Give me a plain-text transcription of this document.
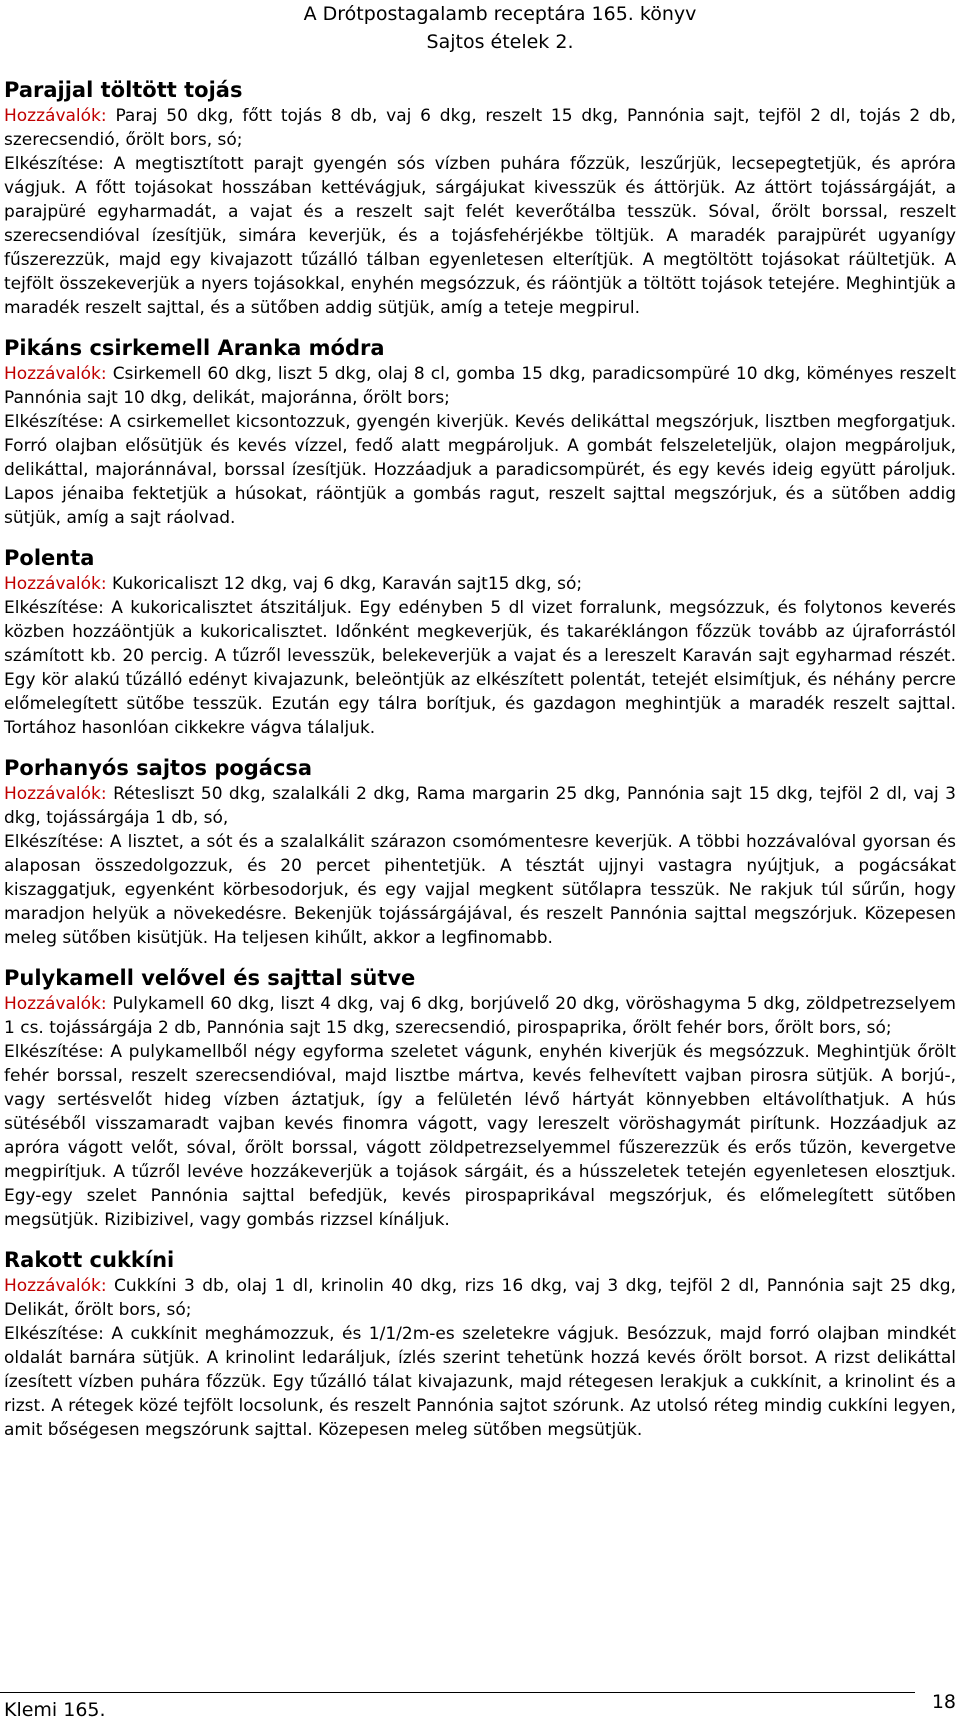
A Drótpostagalamb receptára 165. könyv
Sajtos ételek 2.
Parajjal töltött tojás

Hozzávalók: Paraj 50 dkg, főtt tojás 8 db, vaj 6 dkg, reszelt 15 dkg, Pannónia sajt, tejföl 2 dl, tojás 2 db, szerecsendió, őrölt bors, só;

Elkészítése: A megtisztított parajt gyengén sós vízben puhára főzzük, leszűrjük, lecsepegtetjük, és apróra vágjuk. A főtt tojásokat hosszában kettévágjuk, sárgájukat kivesszük és áttörjük. Az áttört tojássárgáját, a parajpüré egyharmadát, a vajat és a reszelt sajt felét keverőtálba tesszük. Sóval, őrölt borssal, reszelt szerecsendióval ízesítjük, simára keverjük, és a tojásfehérjékbe töltjük. A maradék parajpürét ugyanígy fűszerezzük, majd egy kivajazott tűzálló tálban egyenletesen elterítjük. A megtöltött tojásokat ráültetjük. A tejfölt összekeverjük a nyers tojásokkal, enyhén megsózzuk, és ráöntjük a töltött tojások tetejére. Meghintjük a maradék reszelt sajttal, és a sütőben addig sütjük, amíg a teteje megpirul.

Pikáns csirkemell Aranka módra

Hozzávalók: Csirkemell 60 dkg, liszt 5 dkg, olaj 8 cl, gomba 15 dkg, paradicsompüré 10 dkg, köményes reszelt Pannónia sajt 10 dkg, delikát, majoránna, őrölt bors;

Elkészítése: A csirkemellet kicsontozzuk, gyengén kiverjük. Kevés delikáttal megszórjuk, lisztben megforgatjuk. Forró olajban elősütjük és kevés vízzel, fedő alatt megpároljuk. A gombát felszeleteljük, olajon megpároljuk, delikáttal, majoránnával, borssal ízesítjük. Hozzáadjuk a paradicsompürét, és egy kevés ideig együtt pároljuk. Lapos jénaiba fektetjük a húsokat, ráöntjük a gombás ragut, reszelt sajttal megszórjuk, és a sütőben addig sütjük, amíg a sajt ráolvad.

Polenta

Hozzávalók: Kukoricaliszt 12 dkg, vaj 6 dkg, Karaván sajt15 dkg, só;

Elkészítése: A kukoricalisztet átszitáljuk. Egy edényben 5 dl vizet forralunk, megsózzuk, és folytonos keverés közben hozzáöntjük a kukoricalisztet. Időnként megkeverjük, és takaréklángon főzzük tovább az újraforrástól számított kb. 20 percig. A tűzről levesszük, belekeverjük a vajat és a lereszelt Karaván sajt egyharmad részét. Egy kör alakú tűzálló edényt kivajazunk, beleöntjük az elkészített polentát, tetejét elsimítjuk, és néhány percre előmelegített sütőbe tesszük. Ezután egy tálra borítjuk, és gazdagon meghintjük a maradék reszelt sajttal. Tortához hasonlóan cikkekre vágva tálaljuk.

Porhanyós sajtos pogácsa

Hozzávalók: Rétesliszt 50 dkg, szalalkáli 2 dkg, Rama margarin 25 dkg, Pannónia sajt 15 dkg, tejföl 2 dl, vaj 3 dkg, tojássárgája 1 db, só,

Elkészítése: A lisztet, a sót és a szalalkálit szárazon csomómentesre keverjük. A többi hozzávalóval gyorsan és alaposan összedolgozzuk, és 20 percet pihentetjük. A tésztát ujjnyi vastagra nyújtjuk, a pogácsákat kiszaggatjuk, egyenként körbesodorjuk, és egy vajjal megkent sütőlapra tesszük. Ne rakjuk túl sűrűn, hogy maradjon helyük a növekedésre. Bekenjük tojássárgájával, és reszelt Pannónia sajttal megszórjuk. Közepesen meleg sütőben kisütjük. Ha teljesen kihűlt, akkor a legfinomabb.

Pulykamell velővel és sajttal sütve

Hozzávalók: Pulykamell 60 dkg, liszt 4 dkg, vaj 6 dkg, borjúvelő 20 dkg, vöröshagyma 5 dkg, zöldpetrezselyem 1 cs. tojássárgája 2 db, Pannónia sajt 15 dkg, szerecsendió, pirospaprika, őrölt fehér bors, őrölt bors, só;

Elkészítése: A pulykamellből négy egyforma szeletet vágunk, enyhén kiverjük és megsózzuk. Meghintjük őrölt fehér borssal, reszelt szerecsendióval, majd lisztbe mártva, kevés felhevített vajban pirosra sütjük. A borjú-, vagy sertésvelőt hideg vízben áztatjuk, így a felületén lévő hártyát könnyebben eltávolíthatjuk. A hús sütéséből visszamaradt vajban kevés finomra vágott, vagy lereszelt vöröshagymát pirítunk. Hozzáadjuk az apróra vágott velőt, sóval, őrölt borssal, vágott zöldpetrezselyemmel fűszerezzük és erős tűzön, kevergetve megpirítjuk. A tűzről levéve hozzákeverjük a tojások sárgáit, és a hússzeletek tetején egyenletesen elosztjuk. Egy-egy szelet Pannónia sajttal befedjük, kevés pirospaprikával megszórjuk, és előmelegített sütőben megsütjük. Rizibizivel, vagy gombás rizzsel kínáljuk.

Rakott cukkíni

Hozzávalók: Cukkíni 3 db, olaj 1 dl, krinolin 40 dkg, rizs 16 dkg, vaj 3 dkg, tejföl 2 dl, Pannónia sajt 25 dkg, Delikát, őrölt bors, só;

Elkészítése: A cukkínit meghámozzuk, és 1/1/2m-es szeletekre vágjuk. Besózzuk, majd forró olajban mindkét oldalát barnára sütjük. A krinolint ledaráljuk, ízlés szerint tehetünk hozzá kevés őrölt borsot. A rizst delikáttal ízesített vízben puhára főzzük. Egy tűzálló tálat kivajazunk, majd rétegesen lerakjuk a cukkínit, a krinolint és a rizst. A rétegek közé tejfölt locsolunk, és reszelt Pannónia sajtot szórunk. Az utolsó réteg mindig cukkíni legyen, amit bőségesen megszórunk sajttal. Közepesen meleg sütőben megsütjük.

Klemi 165.	18
